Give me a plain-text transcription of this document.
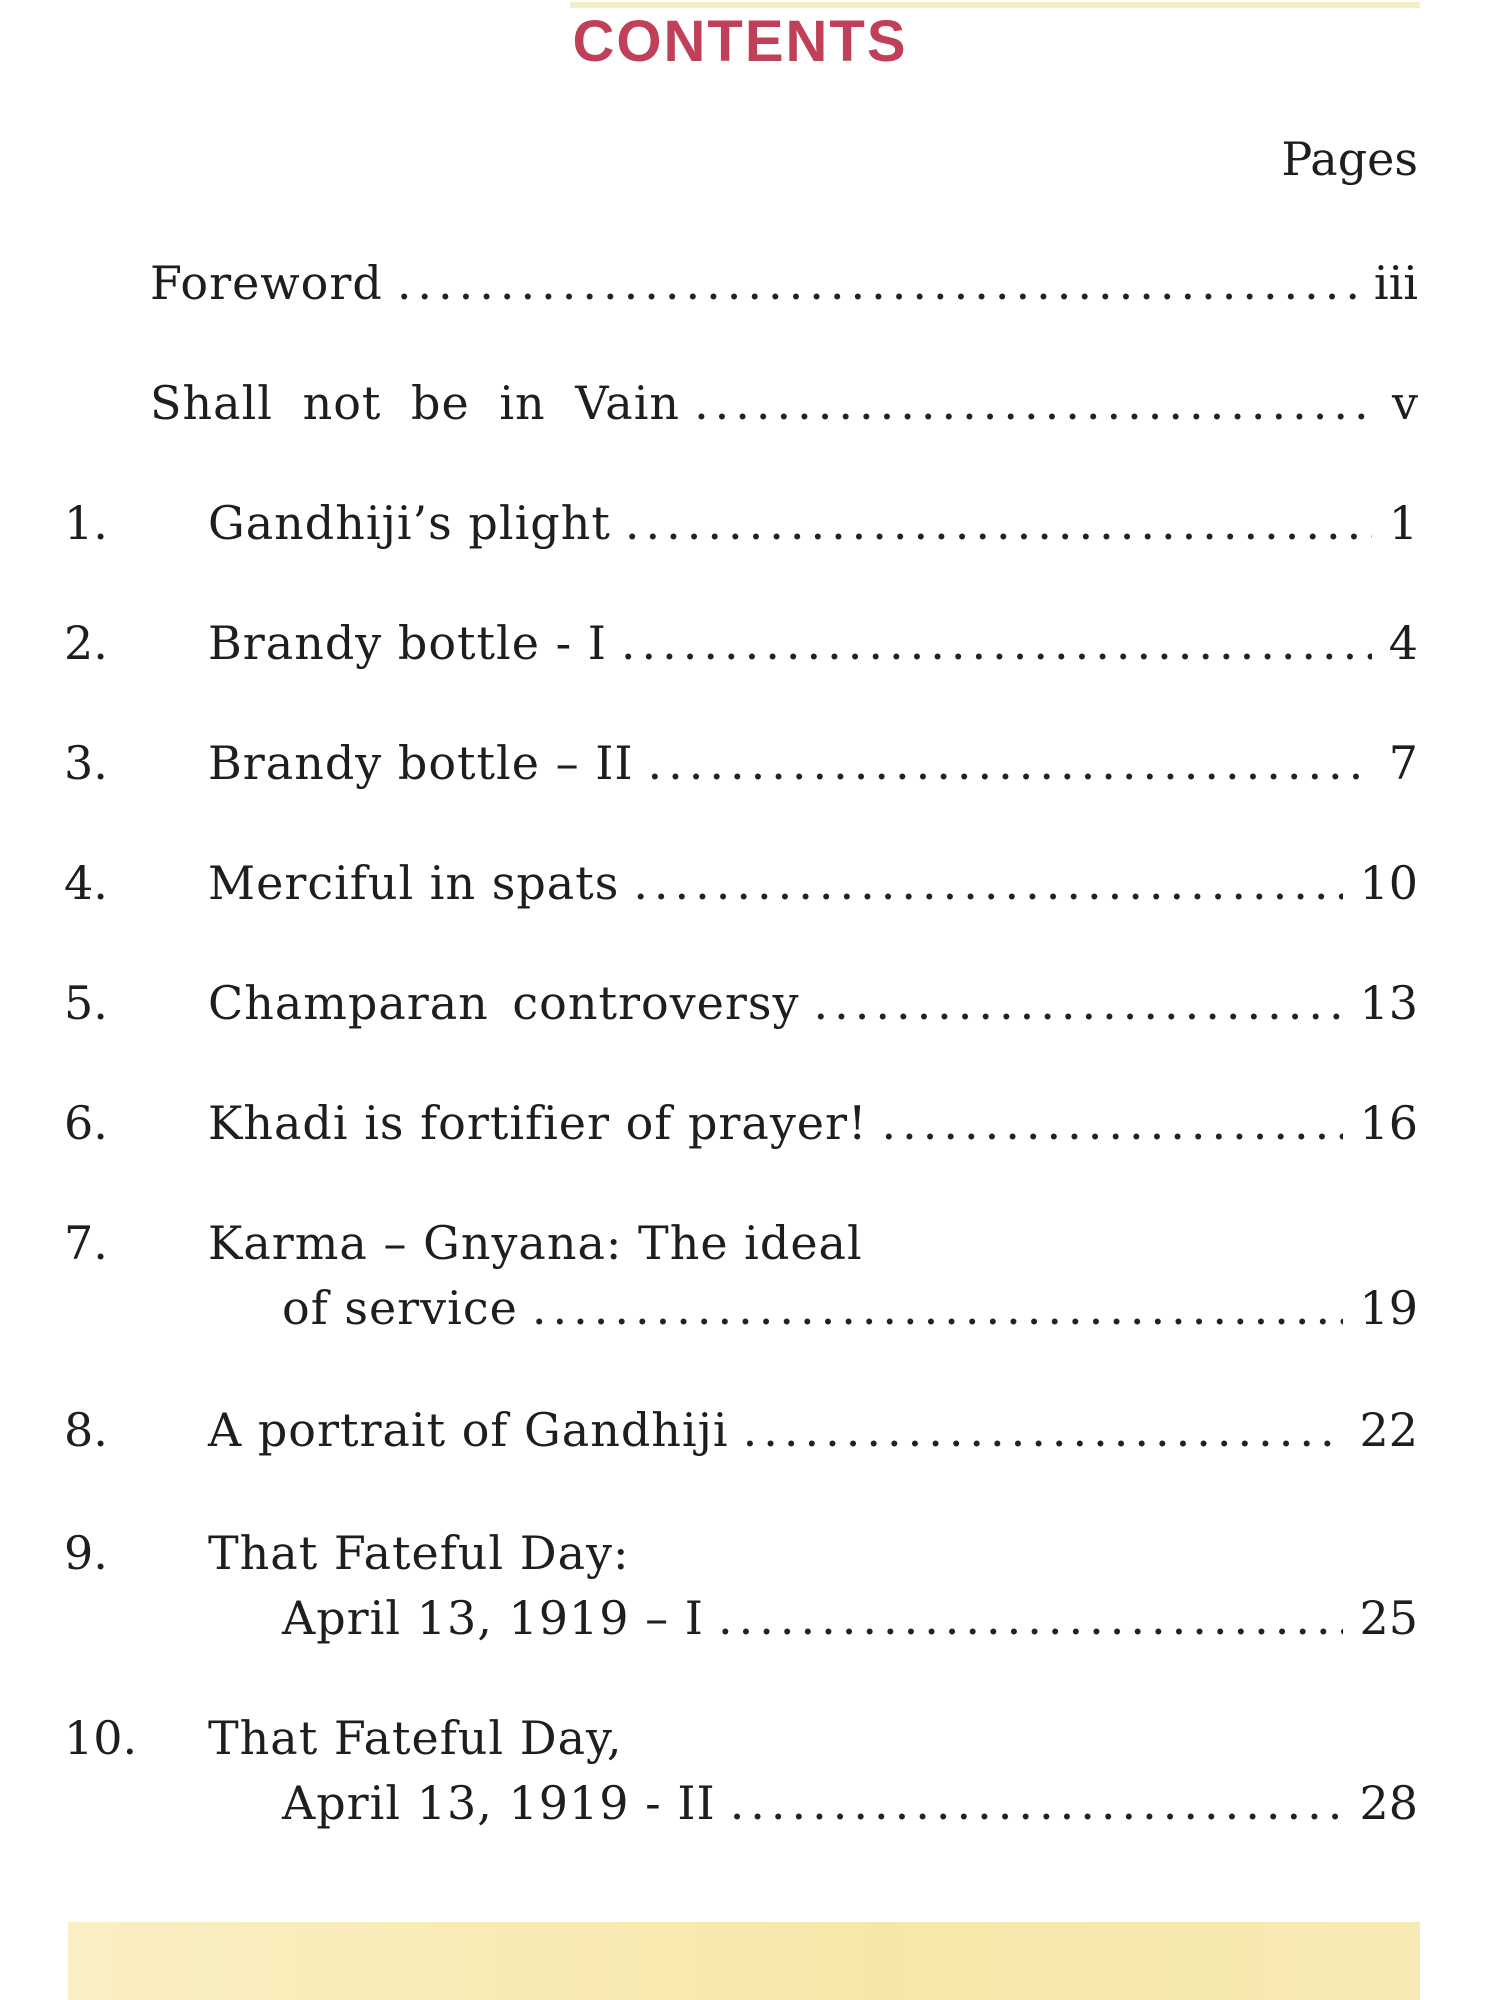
CONTENTS
Pages
Foreword .....	iii
Shall not be in Vain .....	v
1. Gandhiji’s plight .....	1
2. Brandy bottle - I .....	4
3. Brandy bottle – II .....	7
4. Merciful in spats .....	10
5. Champaran controversy .....	13
6. Khadi is fortifier of prayer! .....	16
7. Karma – Gnyana: The ideal
of service .....	19
8. A portrait of Gandhiji .....	22
9. That Fateful Day:
April 13, 1919 – I .....	25
10. That Fateful Day,
April 13, 1919 - II .....	28
